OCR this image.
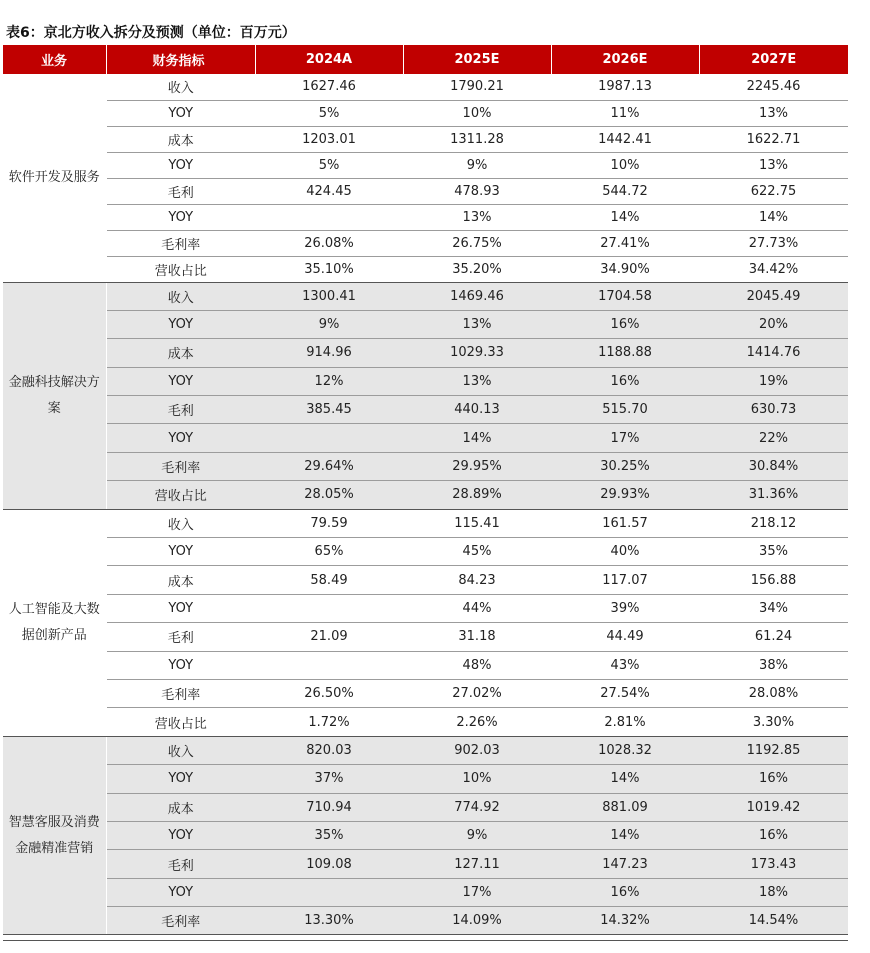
表6：京北方收入拆分及预测（单位：百万元）
业务	财务指标	2024A	2025E	2026E	2027E
软件开发及服务	收入	1627.46	1790.21	1987.13	2245.46
	YOY	5%	10%	11%	13%
	成本	1203.01	1311.28	1442.41	1622.71
	YOY	5%	9%	10%	13%
	毛利	424.45	478.93	544.72	622.75
	YOY		13%	14%	14%
	毛利率	26.08%	26.75%	27.41%	27.73%
	营收占比	35.10%	35.20%	34.90%	34.42%
金融科技解决方案	收入	1300.41	1469.46	1704.58	2045.49
	YOY	9%	13%	16%	20%
	成本	914.96	1029.33	1188.88	1414.76
	YOY	12%	13%	16%	19%
	毛利	385.45	440.13	515.70	630.73
	YOY		14%	17%	22%
	毛利率	29.64%	29.95%	30.25%	30.84%
	营收占比	28.05%	28.89%	29.93%	31.36%
人工智能及大数据创新产品	收入	79.59	115.41	161.57	218.12
	YOY	65%	45%	40%	35%
	成本	58.49	84.23	117.07	156.88
	YOY		44%	39%	34%
	毛利	21.09	31.18	44.49	61.24
	YOY		48%	43%	38%
	毛利率	26.50%	27.02%	27.54%	28.08%
	营收占比	1.72%	2.26%	2.81%	3.30%
智慧客服及消费金融精准营销	收入	820.03	902.03	1028.32	1192.85
	YOY	37%	10%	14%	16%
	成本	710.94	774.92	881.09	1019.42
	YOY	35%	9%	14%	16%
	毛利	109.08	127.11	147.23	173.43
	YOY		17%	16%	18%
	毛利率	13.30%	14.09%	14.32%	14.54%
